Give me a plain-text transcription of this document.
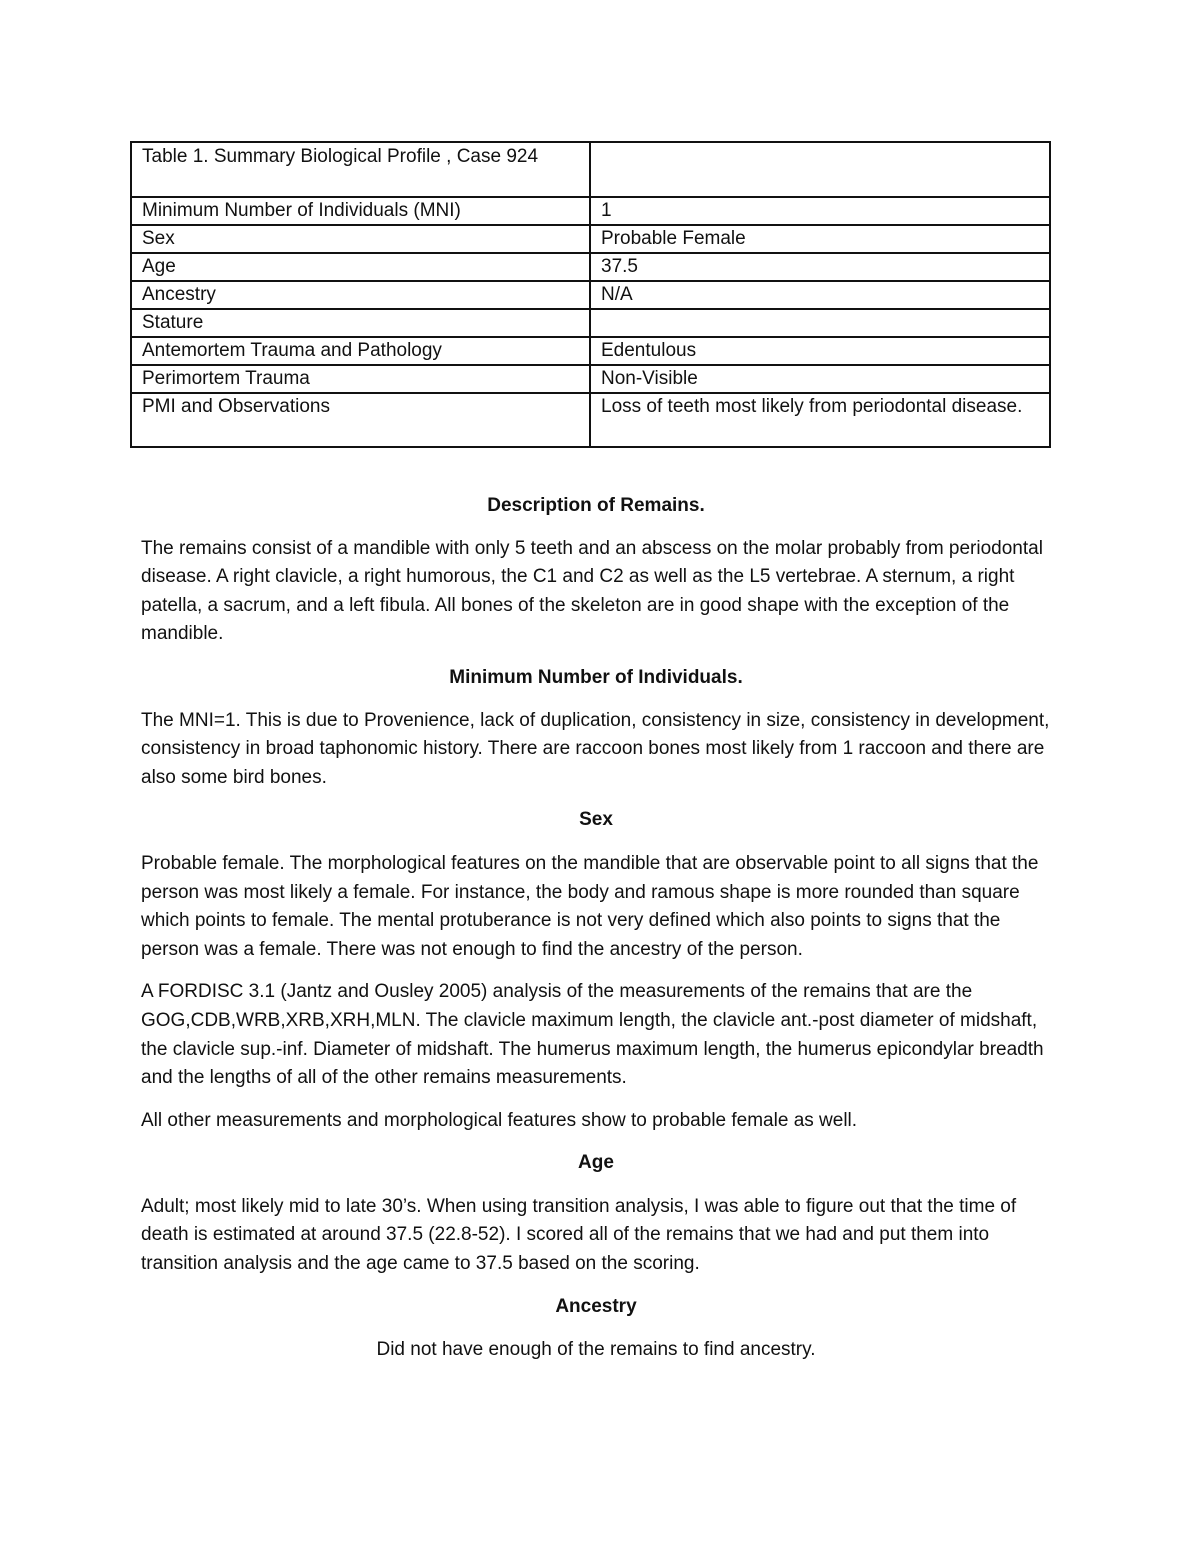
Table 1. Summary Biological Profile , Case 924	
Minimum Number of Individuals (MNI)	1
Sex	Probable Female
Age	37.5
Ancestry	N/A
Stature	
Antemortem Trauma and Pathology	Edentulous
Perimortem Trauma	Non-Visible
PMI and Observations	Loss of teeth most likely from periodontal disease.

Description of Remains.

The remains consist of a mandible with only 5 teeth and an abscess on the molar probably from periodontal disease. A right clavicle, a right humorous, the C1 and C2 as well as the L5 vertebrae. A sternum, a right patella, a sacrum, and a left fibula. All bones of the skeleton are in good shape with the exception of the mandible.

Minimum Number of Individuals.

The MNI=1. This is due to Provenience, lack of duplication, consistency in size, consistency in development, consistency in broad taphonomic history. There are raccoon bones most likely from 1 raccoon and there are also some bird bones.

Sex

Probable female. The morphological features on the mandible that are observable point to all signs that the person was most likely a female. For instance, the body and ramous shape is more rounded than square which points to female. The mental protuberance is not very defined which also points to signs that the person was a female. There was not enough to find the ancestry of the person.

A FORDISC 3.1 (Jantz and Ousley 2005) analysis of the measurements of the remains that are the GOG,CDB,WRB,XRB,XRH,MLN. The clavicle maximum length, the clavicle ant.-post diameter of midshaft, the clavicle sup.-inf. Diameter of midshaft. The humerus maximum length, the humerus epicondylar breadth and the lengths of all of the other remains measurements.

All other measurements and morphological features show to probable female as well.

Age

Adult; most likely mid to late 30’s. When using transition analysis, I was able to figure out that the time of death is estimated at around 37.5 (22.8-52). I scored all of the remains that we had and put them into transition analysis and the age came to 37.5 based on the scoring.

Ancestry

Did not have enough of the remains to find ancestry.
